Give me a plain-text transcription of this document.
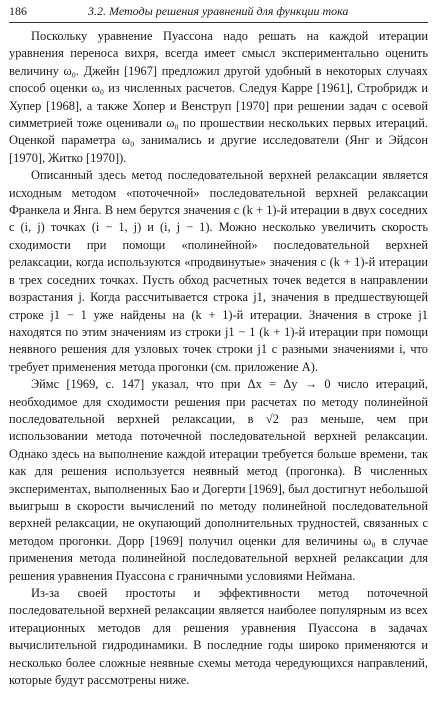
186	3.2. Методы решения уравнений для функции тока

Поскольку уравнение Пуассона надо решать на каждой итерации уравнения переноса вихря, всегда имеет смысл экспериментально оценить величину ω₀. Джейн [1967] предложил другой удобный в некоторых случаях способ оценки ω₀ из численных расчетов. Следуя Карре [1961], Стробридж и Хупер [1968], а также Хопер и Венструп [1970] при решении задач с осевой симметрией тоже оценивали ω₀ по прошествии нескольких первых итераций. Оценкой параметра ω₀ занимались и другие исследователи (Янг и Эйдсон [1970], Житко [1970]).

Описанный здесь метод последовательной верхней релаксации является исходным методом «поточечной» последовательной верхней релаксации Франкела и Янга. В нем берутся значения с (k + 1)-й итерации в двух соседних с (i, j) точках (i − 1, j) и (i, j − 1). Можно несколько увеличить скорость сходимости при помощи «полинейной» последовательной верхней релаксации, когда используются «продвинутые» значения с (k + 1)-й итерации в трех соседних точках. Пусть обход расчетных точек ведется в направлении возрастания j. Когда рассчитывается строка j1, значения в предшествующей строке j1 − 1 уже найдены на (k + 1)-й итерации. Значения в строке j1 находятся по этим значениям из строки j1 − 1 (k + 1)-й итерации при помощи неявного решения для узловых точек строки j1 с разными значениями i, что требует применения метода прогонки (см. приложение А).

Эймс [1969, с. 147] указал, что при Δx = Δy → 0 число итераций, необходимое для сходимости решения при расчетах по методу полинейной последовательной верхней релаксации, в √2 раз меньше, чем при использовании метода поточечной последовательной верхней релаксации. Однако здесь на выполнение каждой итерации требуется больше времени, так как для решения используется неявный метод (прогонка). В численных экспериментах, выполненных Бао и Догерти [1969], был достигнут небольшой выигрыш в скорости вычислений по методу полинейной последовательной верхней релаксации, не окупающий дополнительных трудностей, связанных с методом прогонки. Дорр [1969] получил оценки для величины ω₀ в случае применения метода полинейной последовательной верхней релаксации для решения уравнения Пуассона с граничными условиями Неймана.

Из-за своей простоты и эффективности метод поточечной последовательной верхней релаксации является наиболее популярным из всех итерационных методов для решения уравнения Пуассона в задачах вычислительной гидродинамики. В последние годы широко применяются и несколько более сложные неявные схемы метода чередующихся направлений, которые будут рассмотрены ниже.
